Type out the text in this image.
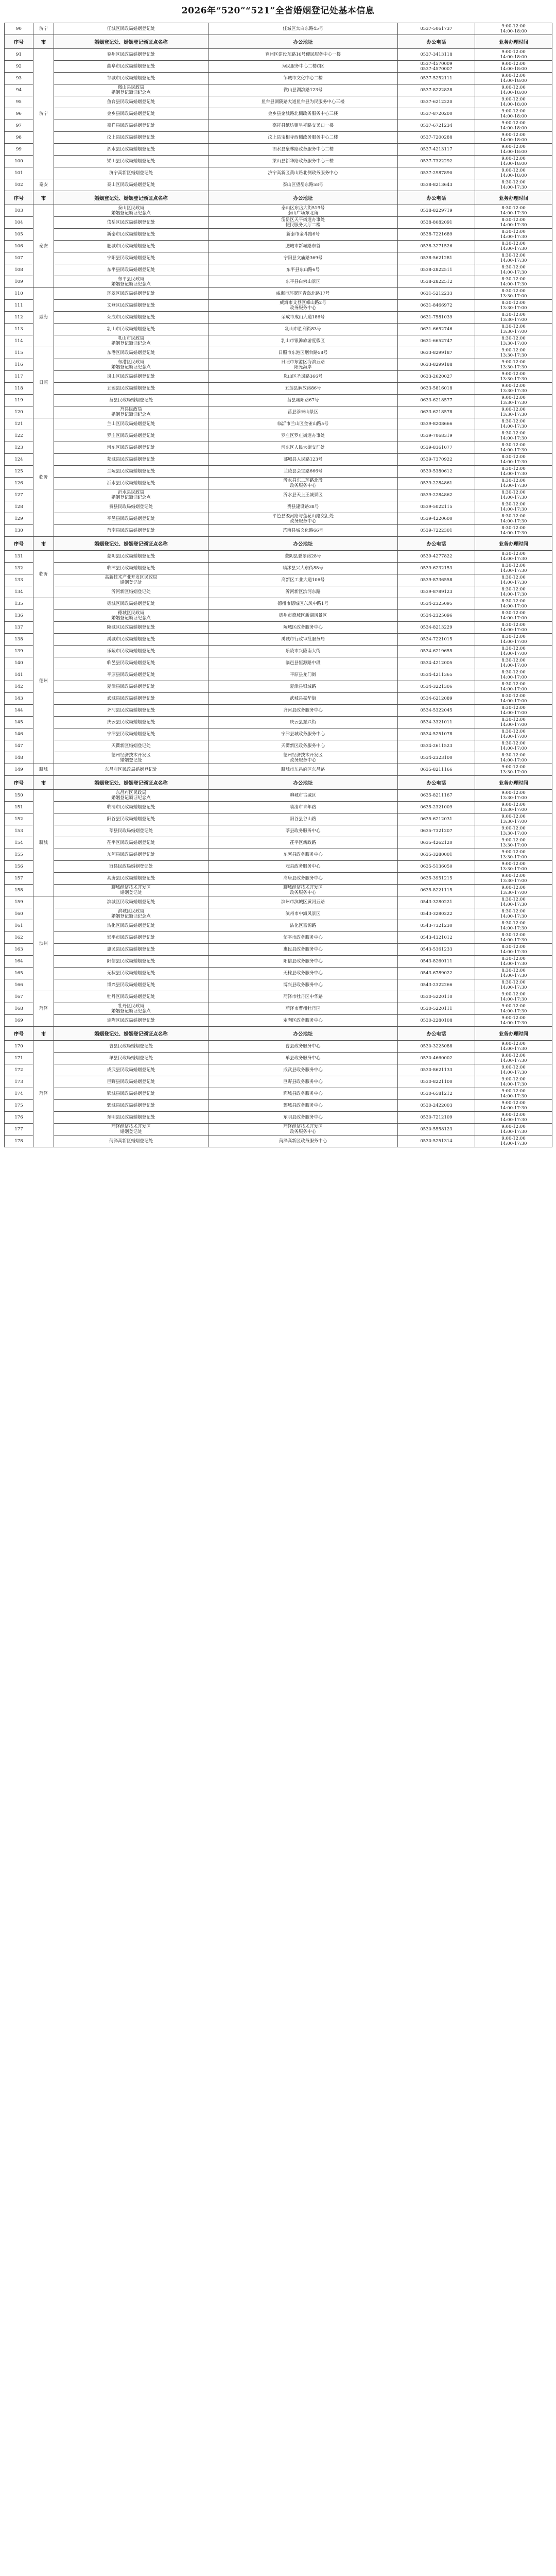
2026年“520”“521”全省婚姻登记处基本信息
90	济宁	任城区民政局婚姻登记处	任城区太白东路45号	0537-5061737	9:00-12:00
14:00-18:00

序号	市	婚姻登记处、婚姻登记颁证点名称	办公地址	办公电话	业务办理时间
91	济宁	兖州区民政局婚姻登记处	兖州区建设东路16号便民服务中心一楼	0537-3413118	9:00-12:00
14:00-18:00

92		曲阜市民政局婚姻登记处	为民服务中心二楼C区	0537-4570009
0537-4570007	9:00-12:00
14:00-18:00

93		邹城市民政局婚姻登记处	邹城市文化中心二楼	0537-5252111	9:00-12:00
14:00-18:00

94		微山县民政局
婚姻登记颁证纪念点	微山县湖滨路123号	0537-8222828	9:00-12:00
14:00-18:00

95		鱼台县民政局婚姻登记处	鱼台县湖陵路大道鱼台县为民服务中心三楼	0537-6212220	9:00-12:00
14:00-18:00

96		金乡县民政局婚姻登记处	金乡县金城路北侧政务服务中心三楼	0537-8720200	9:00-12:00
14:00-18:00

97		嘉祥县民政局婚姻登记处	嘉祥县纸坊镇呈祥路交叉口一楼	0537-6721234	9:00-12:00
14:00-18:00

98		汶上县民政局婚姻登记处	汶上县宝相寺西侧政务服务中心二楼	0537-7200288	9:00-12:00
14:00-18:00

99		泗水县民政局婚姻登记处	泗水县泉林路政务服务中心二楼	0537-4213117	9:00-12:00
14:00-18:00

100		梁山县民政局婚姻登记处	梁山县新华路政务服务中心三楼	0537-7322292	9:00-12:00
14:00-18:00

101		济宁高新区婚姻登记处	济宁高新区黄山路北侧政务服务中心	0537-2987890	9:00-12:00
14:00-18:00

102	泰安	泰山区民政局婚姻登记处	泰山区望岳东路58号	0538-8213643	8:30-12:00
14:00-17:30

序号	市	婚姻登记处、婚姻登记颁证点名称	办公地址	办公电话	业务办理时间
103	泰安	泰山区民政局
婚姻登记颁证纪念点	泰山区东岳大街519号
泰山广场东北角	0538-8229719	8:30-12:00
14:00-17:30

104		岱岳区民政局婚姻登记处	岱岳区天平街道办事处
便民服务大厅二楼	0538-8082091	8:30-12:00
14:00-17:30

105		新泰市民政局婚姻登记处	新泰市金斗路6号	0538-7221689	8:30-12:00
14:00-17:30

106		肥城市民政局婚姻登记处	肥城市新城路东首	0538-3271526	8:30-12:00
14:00-17:30

107		宁阳县民政局婚姻登记处	宁阳县文庙路369号	0538-5621281	8:30-12:00
14:00-17:30

108		东平县民政局婚姻登记处	东平县东山路6号	0538-2822511	8:30-12:00
14:00-17:30

109		东平县民政局
婚姻登记颁证纪念点	东平县白佛山景区	0538-2822512	8:30-12:00
14:00-17:30

110	威海	环翠区民政局婚姻登记处	威海市环翠区青岛北路17号	0631-5212233	8:30-12:00
13:30-17:00

111		文登区民政局婚姻登记处	威海市文登区峰山路2号
政务服务中心	0631-8466972	8:30-12:00
13:30-17:00

112		荣成市民政局婚姻登记处	荣成市成山大道186号	0631-7581039	8:30-12:00
13:30-17:00

113		乳山市民政局婚姻登记处	乳山市胜利街83号	0631-6652746	8:30-12:00
13:30-17:00

114		乳山市民政局
婚姻登记颁证纪念点	乳山市银滩旅游度假区	0631-6652747	8:30-12:00
13:30-17:00

115	日照	东港区民政局婚姻登记处	日照市东港区烟台路58号	0633-8299187	9:00-12:00
13:30-17:30

116		东港区民政局
婚姻登记颁证纪念点	日照市东港区海滨五路
阳光海岸	0633-8299188	9:00-12:00
13:30-17:30

117		岚山区民政局婚姻登记处	岚山区圣岚路366号	0633-2620027	9:00-12:00
13:30-17:30

118		五莲县民政局婚姻登记处	五莲县解放路86号	0633-5816018	9:00-12:00
13:30-17:30

119		莒县民政局婚姻登记处	莒县城阳路67号	0633-6218577	9:00-12:00
13:30-17:30

120		莒县民政局
婚姻登记颁证纪念点	莒县浮来山景区	0633-6218578	9:00-12:00
13:30-17:30

121	临沂	兰山区民政局婚姻登记处	临沂市兰山区金雀山路5号	0539-8208666	8:30-12:00
14:00-17:30

122		罗庄区民政局婚姻登记处	罗庄区罗庄街道办事处	0539-7068319	8:30-12:00
14:00-17:30

123		河东区民政局婚姻登记处	河东区人民大街交汇处	0539-8361077	8:30-12:00
14:00-17:30

124		郯城县民政局婚姻登记处	郯城县人民路123号	0539-7370922	8:30-12:00
14:00-17:30

125		兰陵县民政局婚姻登记处	兰陵县会宝路666号	0539-5380612	8:30-12:00
14:00-17:30

126		沂水县民政局婚姻登记处	沂水县东二环路北段
政务服务中心	0539-2284861	8:30-12:00
14:00-17:30

127		沂水县民政局
婚姻登记颁证纪念点	沂水县天上王城景区	0539-2284862	8:30-12:00
14:00-17:30

128		费县民政局婚姻登记处	费县建设路38号	0539-5022115	8:30-12:00
14:00-17:30

129		平邑县民政局婚姻登记处	平邑县浚河路与莲花山路交汇处
政务服务中心	0539-4220600	8:30-12:00
14:00-17:30

130		莒南县民政局婚姻登记处	莒南县城文化路66号	0539-7222301	8:30-12:00
14:00-17:30

序号	市	婚姻登记处、婚姻登记颁证点名称	办公地址	办公电话	业务办理时间
131	临沂	蒙阴县民政局婚姻登记处	蒙阴县叠翠路28号	0539-4277822	8:30-12:00
14:00-17:30

132		临沭县民政局婚姻登记处	临沭县兴大东街88号	0539-6232153	8:30-12:00
14:00-17:30

133		高新技术产业开发区民政局
婚姻登记处	高新区工业大道106号	0539-8736558	8:30-12:00
14:00-17:30

134		沂河新区婚姻登记处	沂河新区滨河东路	0539-8789123	8:30-12:00
14:00-17:30

135	德州	德城区民政局婚姻登记处	德州市德城区东风中路1号	0534-2325095	8:30-12:00
14:00-17:00

136		德城区民政局
婚姻登记颁证纪念点	德州市德城区新湖风景区	0534-2325096	8:30-12:00
14:00-17:00

137		陵城区民政局婚姻登记处	陵城区政务服务中心	0534-8213229	8:30-12:00
14:00-17:00

138		禹城市民政局婚姻登记处	禹城市行政审批服务局	0534-7221015	8:30-12:00
14:00-17:00

139		乐陵市民政局婚姻登记处	乐陵市兴隆南大街	0534-6219655	8:30-12:00
14:00-17:00

140		临邑县民政局婚姻登记处	临邑县恒源路中段	0534-4212005	8:30-12:00
14:00-17:00

141		平原县民政局婚姻登记处	平原县龙门街	0534-4211365	8:30-12:00
14:00-17:00

142		夏津县民政局婚姻登记处	夏津县银城路	0534-3221306	8:30-12:00
14:00-17:00

143		武城县民政局婚姻登记处	武城县振华街	0534-6212089	8:30-12:00
14:00-17:00

144		齐河县民政局婚姻登记处	齐河县政务服务中心	0534-5322045	8:30-12:00
14:00-17:00

145		庆云县民政局婚姻登记处	庆云县振兴街	0534-3321011	8:30-12:00
14:00-17:00

146		宁津县民政局婚姻登记处	宁津县城政务服务中心	0534-5251078	8:30-12:00
14:00-17:00

147		天衢新区婚姻登记处	天衢新区政务服务中心	0534-2611523	8:30-12:00
14:00-17:00

148		德州经济技术开发区
婚姻登记处	德州经济技术开发区
政务服务中心	0534-2323100	8:30-12:00
14:00-17:00

149	聊城	东昌府区民政局婚姻登记处	聊城市东昌府区东昌路	0635-8211166	9:00-12:00
13:30-17:00

序号	市	婚姻登记处、婚姻登记颁证点名称	办公地址	办公电话	业务办理时间
150	聊城	东昌府区民政局
婚姻登记颁证纪念点	聊城市古城区	0635-8211167	9:00-12:00
13:30-17:00

151		临清市民政局婚姻登记处	临清市青年路	0635-2321009	9:00-12:00
13:30-17:00

152		阳谷县民政局婚姻登记处	阳谷县谷山路	0635-6212031	9:00-12:00
13:30-17:00

153		莘县民政局婚姻登记处	莘县政务服务中心	0635-7321207	9:00-12:00
13:30-17:00

154		茌平区民政局婚姻登记处	茌平区新政路	0635-4262120	9:00-12:00
13:30-17:00

155		东阿县民政局婚姻登记处	东阿县政务服务中心	0635-3280001	9:00-12:00
13:30-17:00

156		冠县民政局婚姻登记处	冠县政务服务中心	0635-5136050	9:00-12:00
13:30-17:00

157		高唐县民政局婚姻登记处	高唐县政务服务中心	0635-3951215	9:00-12:00
13:30-17:00

158		聊城经济技术开发区
婚姻登记处	聊城经济技术开发区
政务服务中心	0635-8221115	9:00-12:00
13:30-17:00

159	滨州	滨城区民政局婚姻登记处	滨州市滨城区黄河五路	0543-3280221	8:30-12:00
14:00-17:30

160		滨城区民政局
婚姻登记颁证纪念点	滨州市中海风景区	0543-3280222	8:30-12:00
14:00-17:30

161		沾化区民政局婚姻登记处	沾化区富源路	0543-7321230	8:30-12:00
14:00-17:30

162		邹平市民政局婚姻登记处	邹平市政务服务中心	0543-4321012	8:30-12:00
14:00-17:30

163		惠民县民政局婚姻登记处	惠民县政务服务中心	0543-5361233	8:30-12:00
14:00-17:30

164		阳信县民政局婚姻登记处	阳信县政务服务中心	0543-8260111	8:30-12:00
14:00-17:30

165		无棣县民政局婚姻登记处	无棣县政务服务中心	0543-6789022	8:30-12:00
14:00-17:30

166		博兴县民政局婚姻登记处	博兴县政务服务中心	0543-2322266	8:30-12:00
14:00-17:30

167	菏泽	牡丹区民政局婚姻登记处	菏泽市牡丹区中华路	0530-5220110	9:00-12:00
14:00-17:30

168		牡丹区民政局
婚姻登记颁证纪念点	菏泽市曹州牡丹园	0530-5220111	9:00-12:00
14:00-17:30

169		定陶区民政局婚姻登记处	定陶区政务服务中心	0530-2280108	9:00-12:00
14:00-17:30

序号	市	婚姻登记处、婚姻登记颁证点名称	办公地址	办公电话	业务办理时间
170	菏泽	曹县民政局婚姻登记处	曹县政务服务中心	0530-3225088	9:00-12:00
14:00-17:30

171		单县民政局婚姻登记处	单县政务服务中心	0530-4660002	9:00-12:00
14:00-17:30

172		成武县民政局婚姻登记处	成武县政务服务中心	0530-8621133	9:00-12:00
14:00-17:30

173		巨野县民政局婚姻登记处	巨野县政务服务中心	0530-8221100	9:00-12:00
14:00-17:30

174		郓城县民政局婚姻登记处	郓城县政务服务中心	0530-6581212	9:00-12:00
14:00-17:30

175		鄄城县民政局婚姻登记处	鄄城县政务服务中心	0530-2422003	9:00-12:00
14:00-17:30

176		东明县民政局婚姻登记处	东明县政务服务中心	0530-7212109	9:00-12:00
14:00-17:30

177		菏泽经济技术开发区
婚姻登记处	菏泽经济技术开发区
政务服务中心	0530-5558123	9:00-12:00
14:00-17:30

178		菏泽高新区婚姻登记处	菏泽高新区政务服务中心	0530-5251314	9:00-12:00
14:00-17:30
